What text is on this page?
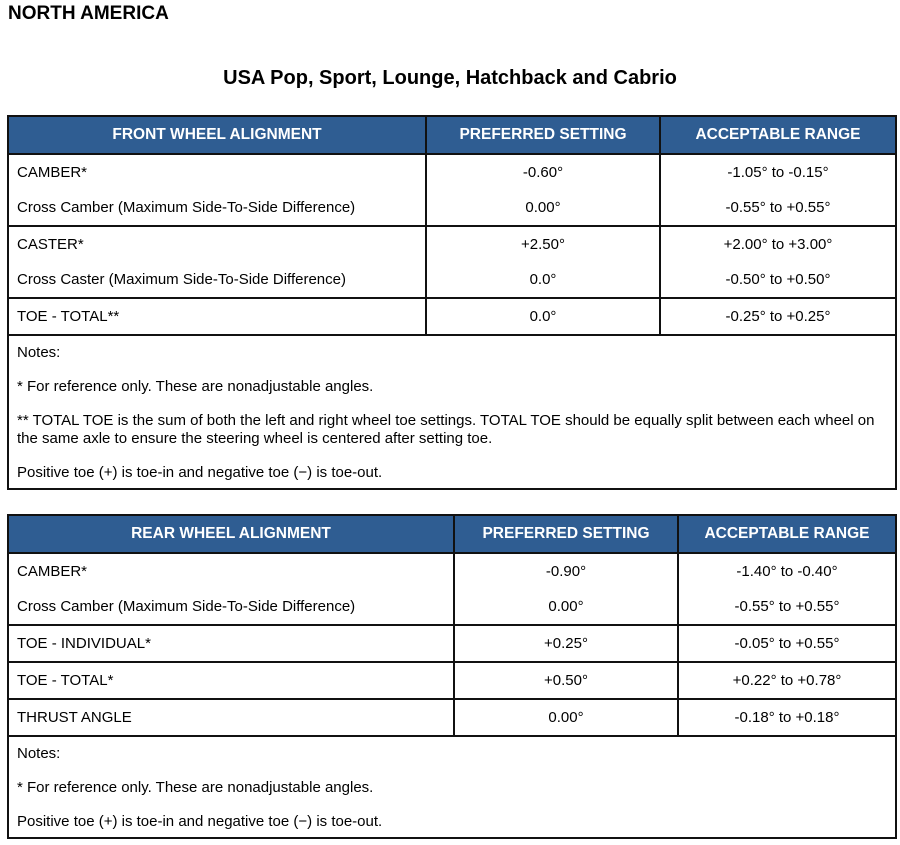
NORTH AMERICA
USA Pop, Sport, Lounge, Hatchback and Cabrio
FRONT WHEEL ALIGNMENT	PREFERRED SETTING	ACCEPTABLE RANGE
CAMBER*	-0.60°	-1.05° to -0.15°
Cross Camber (Maximum Side-To-Side Difference)	0.00°	-0.55° to +0.55°
CASTER*	+2.50°	+2.00° to +3.00°
Cross Caster (Maximum Side-To-Side Difference)	0.0°	-0.50° to +0.50°
TOE - TOTAL**	0.0°	-0.25° to +0.25°

Notes:
* For reference only. These are nonadjustable angles.
** TOTAL TOE is the sum of both the left and right wheel toe settings. TOTAL TOE should be equally split between each wheel on the same axle to ensure the steering wheel is centered after setting toe.
Positive toe (+) is toe-in and negative toe (−) is toe-out.		
REAR WHEEL ALIGNMENT	PREFERRED SETTING	ACCEPTABLE RANGE
CAMBER*	-0.90°	-1.40° to -0.40°
Cross Camber (Maximum Side-To-Side Difference)	0.00°	-0.55° to +0.55°
TOE - INDIVIDUAL*	+0.25°	-0.05° to +0.55°
TOE - TOTAL*	+0.50°	+0.22° to +0.78°
THRUST ANGLE	0.00°	-0.18° to +0.18°

Notes:
* For reference only. These are nonadjustable angles.
Positive toe (+) is toe-in and negative toe (−) is toe-out.		
